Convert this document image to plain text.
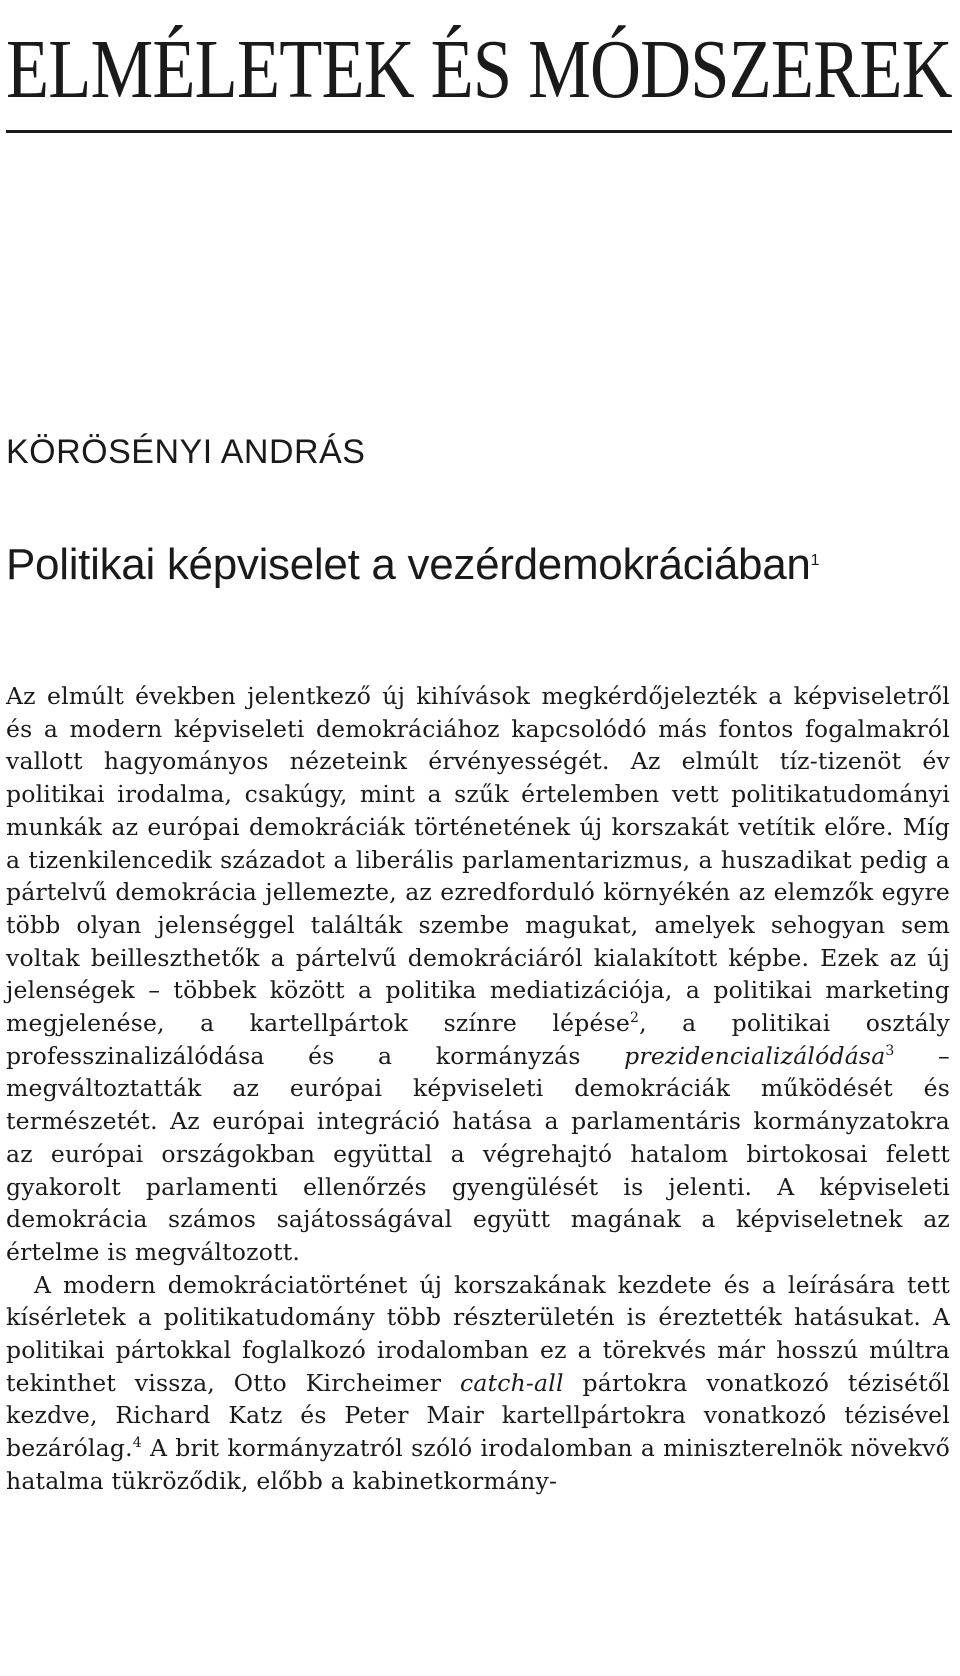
ELMÉLETEK ÉS MÓDSZEREK
KÖRÖSÉNYI ANDRÁS
Politikai képviselet a vezérdemokráciában$^1$

Az elmúlt években jelentkező új kihívások megkérdőjelezték a képviseletről és a modern képviseleti demokráciához kapcsolódó más fontos fogalmakról vallott hagyományos nézeteink érvényességét. Az elmúlt tíz-tizenöt év politikai irodalma, csakúgy, mint a szűk értelemben vett politikatudományi munkák az európai demokráciák történetének új korszakát vetítik előre. Míg a tizenkilencedik századot a liberális parlamentarizmus, a huszadikat pedig a pártelvű demokrácia jellemezte, az ezredforduló környékén az elemzők egyre több olyan jelenséggel találták szembe magukat, amelyek sehogyan sem voltak beilleszthetők a pártelvű demokráciáról kialakított képbe. Ezek az új jelenségek – többek között a politika mediatizációja, a politikai marketing megjelenése, a kartellpártok színre lépése$^2$, a politikai osztály professzinalizálódása és a kormányzás prezidencializálódása$^3$ – megváltoztatták az európai képviseleti demokráciák működését és természetét. Az európai integráció hatása a parlamentáris kormányzatokra az európai országokban együttal a végrehajtó hatalom birtokosai felett gyakorolt parlamenti ellenőrzés gyengülését is jelenti. A képviseleti demokrácia számos sajátosságával együtt magának a képviseletnek az értelme is megváltozott.

A modern demokráciatörténet új korszakának kezdete és a leírására tett kísérletek a politikatudomány több részterületén is éreztették hatásukat. A politikai pártokkal foglalkozó irodalomban ez a törekvés már hosszú múltra tekinthet vissza, Otto Kircheimer catch-all pártokra vonatkozó tézisétől kezdve, Richard Katz és Peter Mair kartellpártokra vonatkozó tézisével bezárólag.$^4$ A brit kormányzatról szóló irodalomban a miniszterelnök növekvő hatalma tükröződik, előbb a kabinetkormány-
